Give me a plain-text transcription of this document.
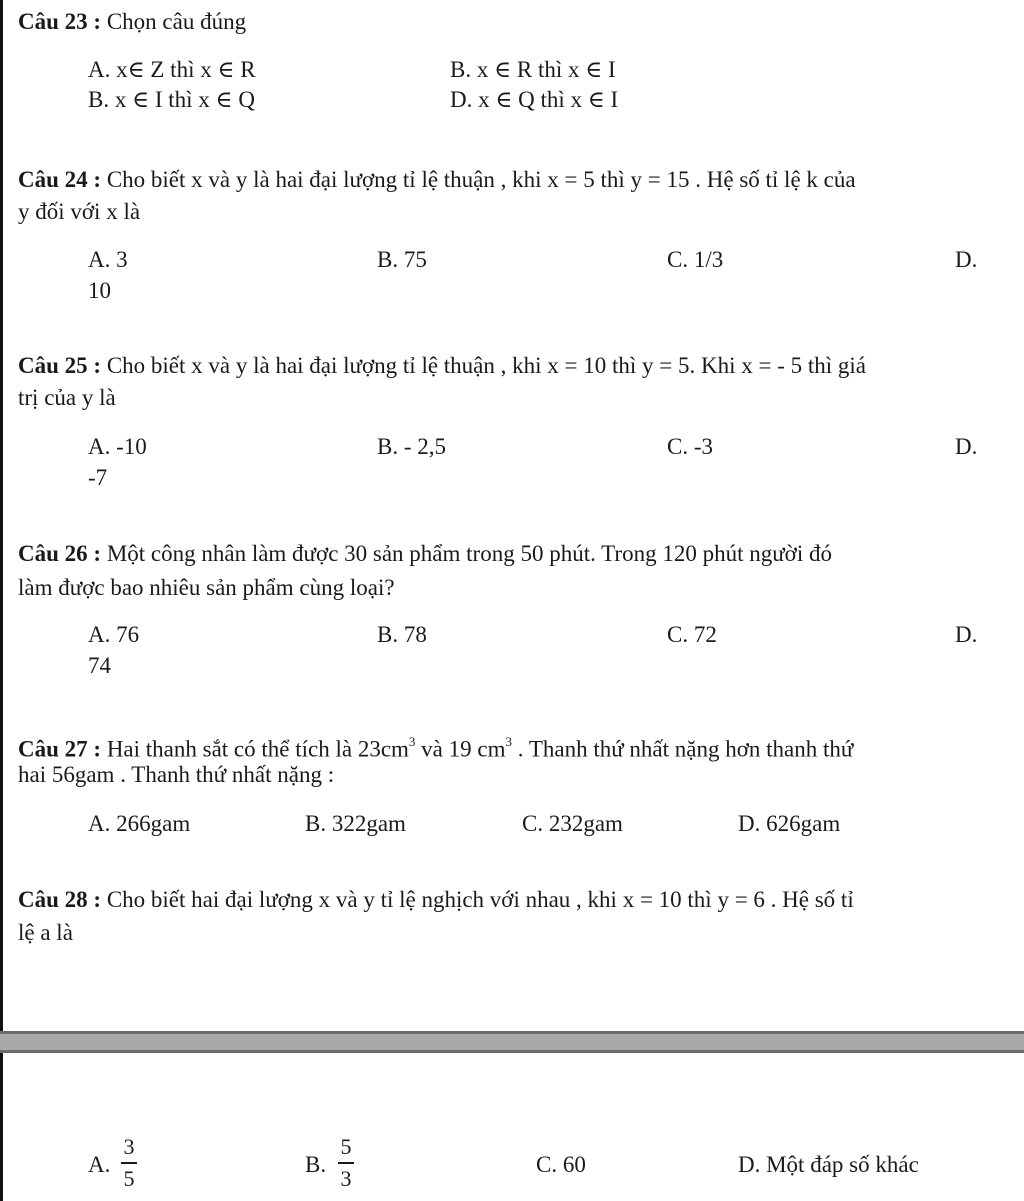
Câu 23 : Chọn câu đúng
A. x∈ Z thì x ∈ R	B. x ∈ R thì x ∈ I
B. x ∈ I thì x ∈ Q	D. x ∈ Q thì x ∈ I
Câu 24 : Cho biết x và y là hai đại lượng tỉ lệ thuận , khi x = 5 thì y = 15 . Hệ số tỉ lệ k của
y đối với x là
A. 3	B. 75	C. 1/3	D.
10
Câu 25 : Cho biết x và y là hai đại lượng tỉ lệ thuận , khi x = 10 thì y = 5. Khi x = - 5 thì giá
trị của y là
A. -10	B. - 2,5	C. -3	D.
-7
Câu 26 : Một công nhân làm được 30 sản phẩm trong 50 phút. Trong 120 phút người đó
làm được bao nhiêu sản phẩm cùng loại?
A. 76	B. 78	C. 72	D.
74
Câu 27 : Hai thanh sắt có thể tích là $23cm^3$ và 19 $cm^3$ . Thanh thứ nhất nặng hơn thanh thứ
hai 56gam . Thanh thứ nhất nặng :
A. 266gam	B. 322gam	C. 232gam	D. 626gam
Câu 28 : Cho biết hai đại lượng x và y tỉ lệ nghịch với nhau , khi x = 10 thì y = 6 . Hệ số tỉ
lệ a là
A.
3
5
B.
5
3
C. 60	D. Một đáp số khác
